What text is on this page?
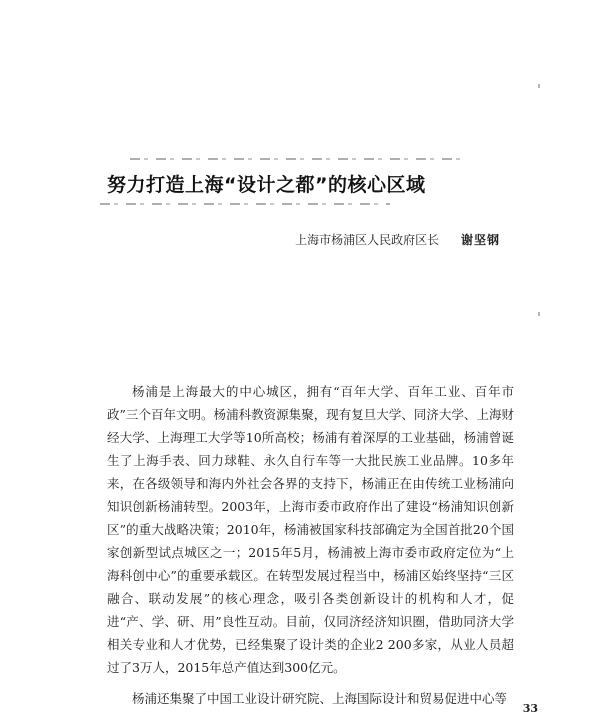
努力打造上海“设计之都”的核心区域
上海市杨浦区人民政府区长 谢坚钢

杨浦是上海最大的中心城区，拥有“百年大学、百年工业、百年市政”三个百年文明。杨浦科教资源集聚，现有复旦大学、同济大学、上海财经大学、上海理工大学等10所高校；杨浦有着深厚的工业基础，杨浦曾诞生了上海手表、回力球鞋、永久自行车等一大批民族工业品牌。10多年来，在各级领导和海内外社会各界的支持下，杨浦正在由传统工业杨浦向知识创新杨浦转型。2003年，上海市委市政府作出了建设“杨浦知识创新区”的重大战略决策；2010年，杨浦被国家科技部确定为全国首批20个国家创新型试点城区之一；2015年5月，杨浦被上海市委市政府定位为“上海科创中心”的重要承载区。在转型发展过程当中，杨浦区始终坚持“三区融合、联动发展”的核心理念，吸引各类创新设计的机构和人才，促进“产、学、研、用”良性互动。目前，仅同济经济知识圈，借助同济大学相关专业和人才优势，已经集聚了设计类的企业2 200多家，从业人员超过了3万人，2015年总产值达到300亿元。

杨浦还集聚了中国工业设计研究院、上海国际设计和贸易促进中心等

33
